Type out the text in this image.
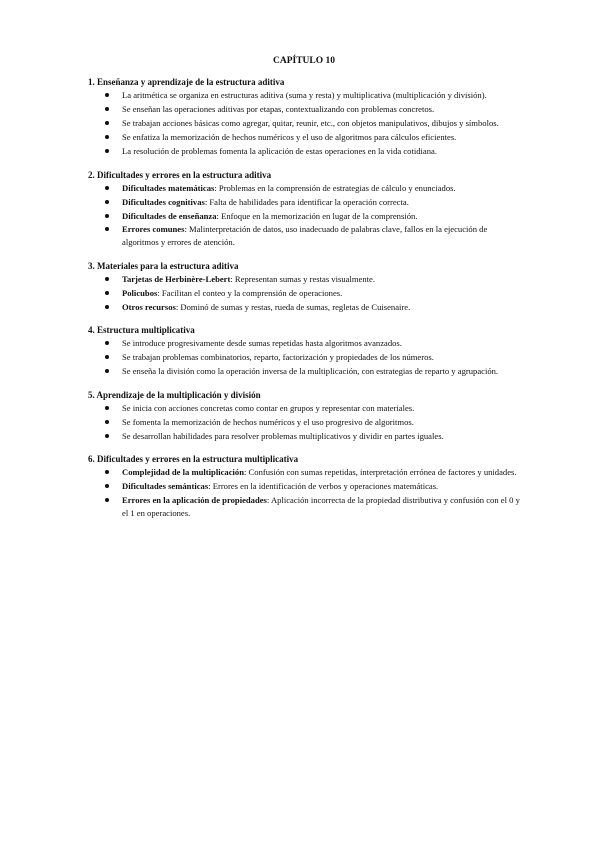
CAPÍTULO 10
1. Enseñanza y aprendizaje de la estructura aditiva
La aritmética se organiza en estructuras aditiva (suma y resta) y multiplicativa (multiplicación y división).
Se enseñan las operaciones aditivas por etapas, contextualizando con problemas concretos.
Se trabajan acciones básicas como agregar, quitar, reunir, etc., con objetos manipulativos, dibujos y símbolos.
Se enfatiza la memorización de hechos numéricos y el uso de algoritmos para cálculos eficientes.
La resolución de problemas fomenta la aplicación de estas operaciones en la vida cotidiana.
2. Dificultades y errores en la estructura aditiva
Dificultades matemáticas: Problemas en la comprensión de estrategias de cálculo y enunciados.
Dificultades cognitivas: Falta de habilidades para identificar la operación correcta.
Dificultades de enseñanza: Enfoque en la memorización en lugar de la comprensión.
Errores comunes: Malinterpretación de datos, uso inadecuado de palabras clave, fallos en la ejecución de algoritmos y errores de atención.
3. Materiales para la estructura aditiva
Tarjetas de Herbinère-Lebert: Representan sumas y restas visualmente.
Policubos: Facilitan el conteo y la comprensión de operaciones.
Otros recursos: Dominó de sumas y restas, rueda de sumas, regletas de Cuisenaire.
4. Estructura multiplicativa
Se introduce progresivamente desde sumas repetidas hasta algoritmos avanzados.
Se trabajan problemas combinatorios, reparto, factorización y propiedades de los números.
Se enseña la división como la operación inversa de la multiplicación, con estrategias de reparto y agrupación.
5. Aprendizaje de la multiplicación y división
Se inicia con acciones concretas como contar en grupos y representar con materiales.
Se fomenta la memorización de hechos numéricos y el uso progresivo de algoritmos.
Se desarrollan habilidades para resolver problemas multiplicativos y dividir en partes iguales.
6. Dificultades y errores en la estructura multiplicativa
Complejidad de la multiplicación: Confusión con sumas repetidas, interpretación errónea de factores y unidades.
Dificultades semánticas: Errores en la identificación de verbos y operaciones matemáticas.
Errores en la aplicación de propiedades: Aplicación incorrecta de la propiedad distributiva y confusión con el 0 y el 1 en operaciones.
